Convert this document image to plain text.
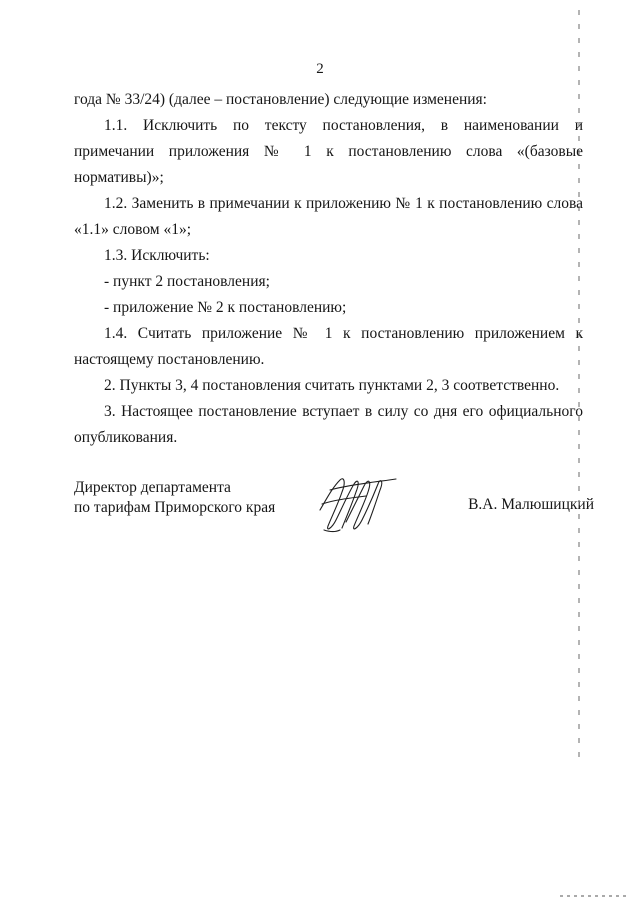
2

года № 33/24) (далее – постановление) следующие изменения:

1.1. Исключить по тексту постановления, в наименовании и примечании приложения № 1 к постановлению слова «(базовые нормативы)»;

1.2. Заменить в примечании к приложению № 1 к постановлению слова «1.1» словом «1»;

1.3. Исключить:

- пункт 2 постановления;

- приложение № 2 к постановлению;

1.4. Считать приложение № 1 к постановлению приложением к настоящему постановлению.

2. Пункты 3, 4 постановления считать пунктами 2, 3 соответственно.

3. Настоящее постановление вступает в силу со дня его официального опубликования.

Директор департамента
по тарифам Приморского края	В.А. Малюшицкий
